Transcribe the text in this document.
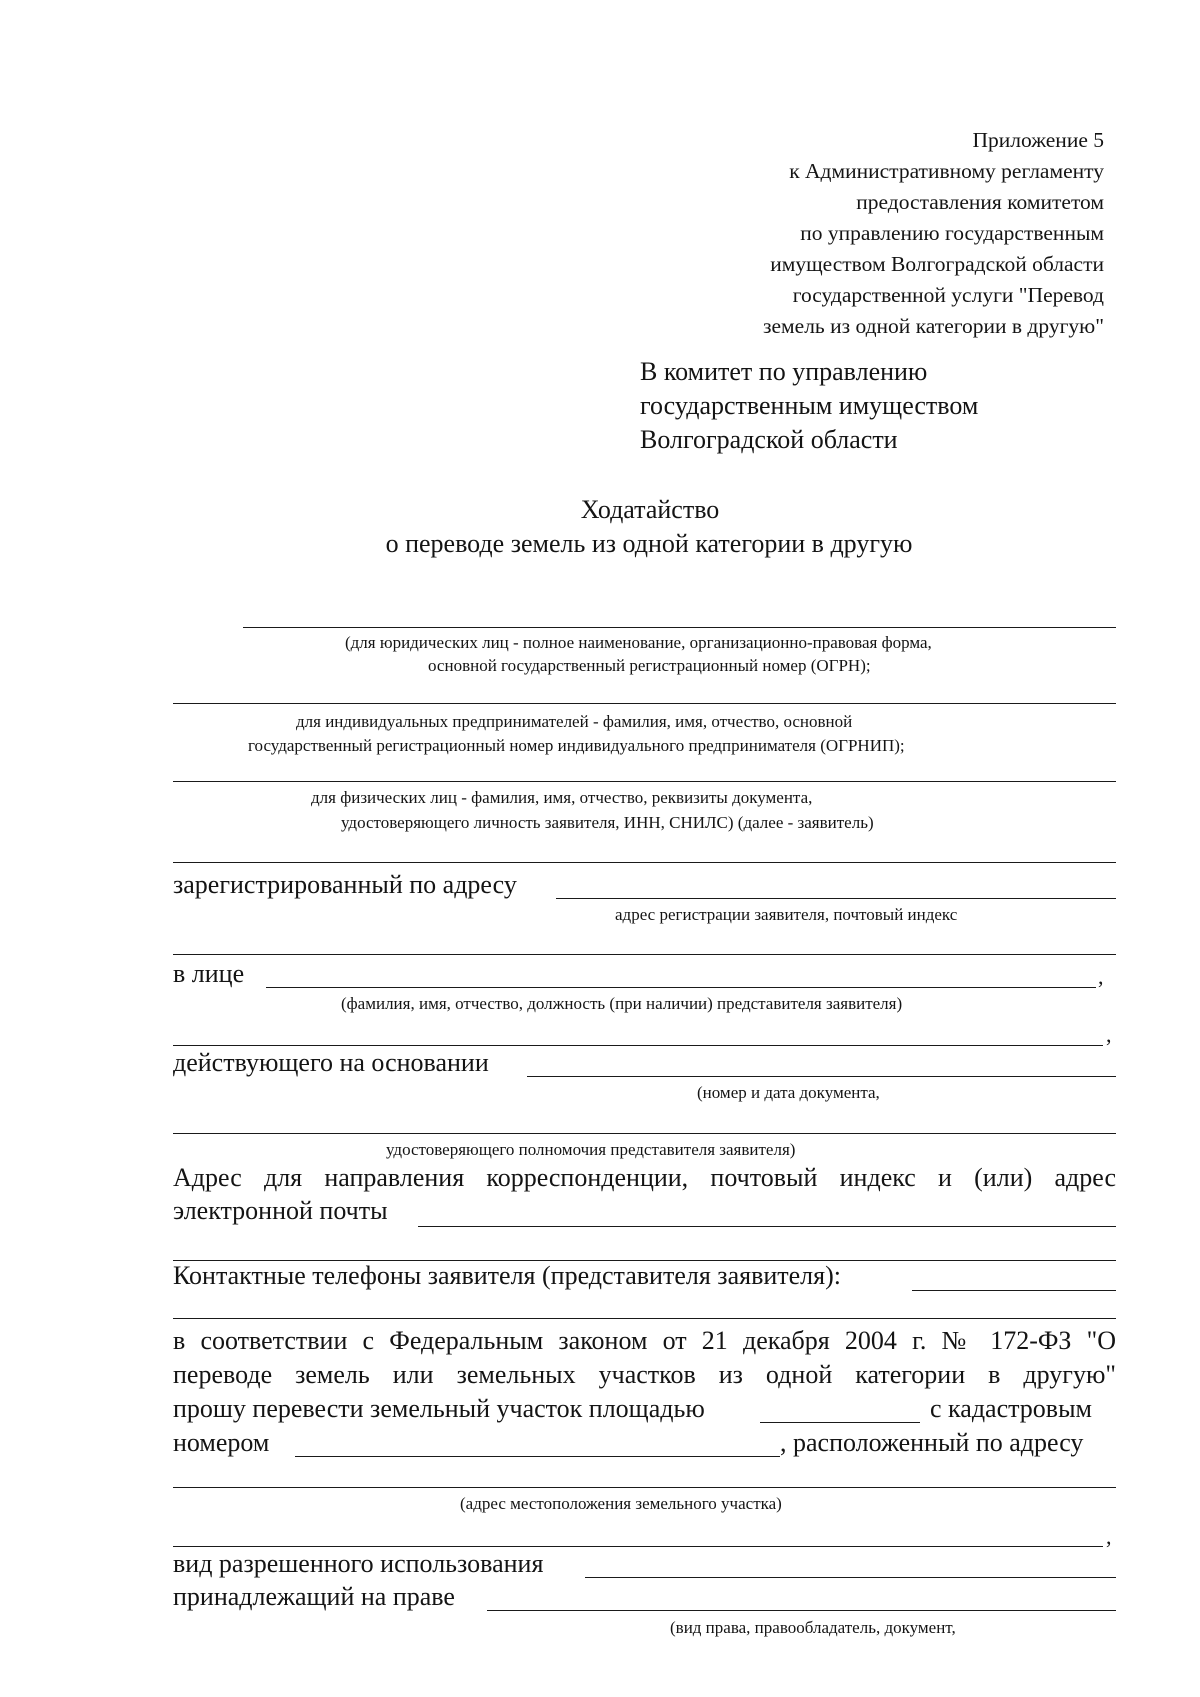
Приложение 5
к Административному регламенту
предоставления комитетом
по управлению государственным
имуществом Волгоградской области
государственной услуги "Перевод
земель из одной категории в другую"
В комитет по управлению
государственным имуществом
Волгоградской области
Ходатайство
о переводе земель из одной категории в другую
(для юридических лиц - полное наименование, организационно-правовая форма,
основной государственный регистрационный номер (ОГРН);
для индивидуальных предпринимателей - фамилия, имя, отчество, основной
государственный регистрационный номер индивидуального предпринимателя (ОГРНИП);
для физических лиц - фамилия, имя, отчество, реквизиты документа,
удостоверяющего личность заявителя, ИНН, СНИЛС) (далее - заявитель)
зарегистрированный по адресу
адрес регистрации заявителя, почтовый индекс
в лице	,
(фамилия, имя, отчество, должность (при наличии) представителя заявителя)
,
действующего на основании
(номер и дата документа,
удостоверяющего полномочия представителя заявителя)
Адрес для направления корреспонденции, почтовый индекс и (или) адрес
электронной почты
Контактные телефоны заявителя (представителя заявителя):
в соответствии с Федеральным законом от 21 декабря 2004 г. № 172-ФЗ "О
переводе земель или земельных участков из одной категории в другую"
прошу перевести земельный участок площадью	с кадастровым
номером	, расположенный по адресу
(адрес местоположения земельного участка)
,
вид разрешенного использования
принадлежащий на праве
(вид права, правообладатель, документ,
